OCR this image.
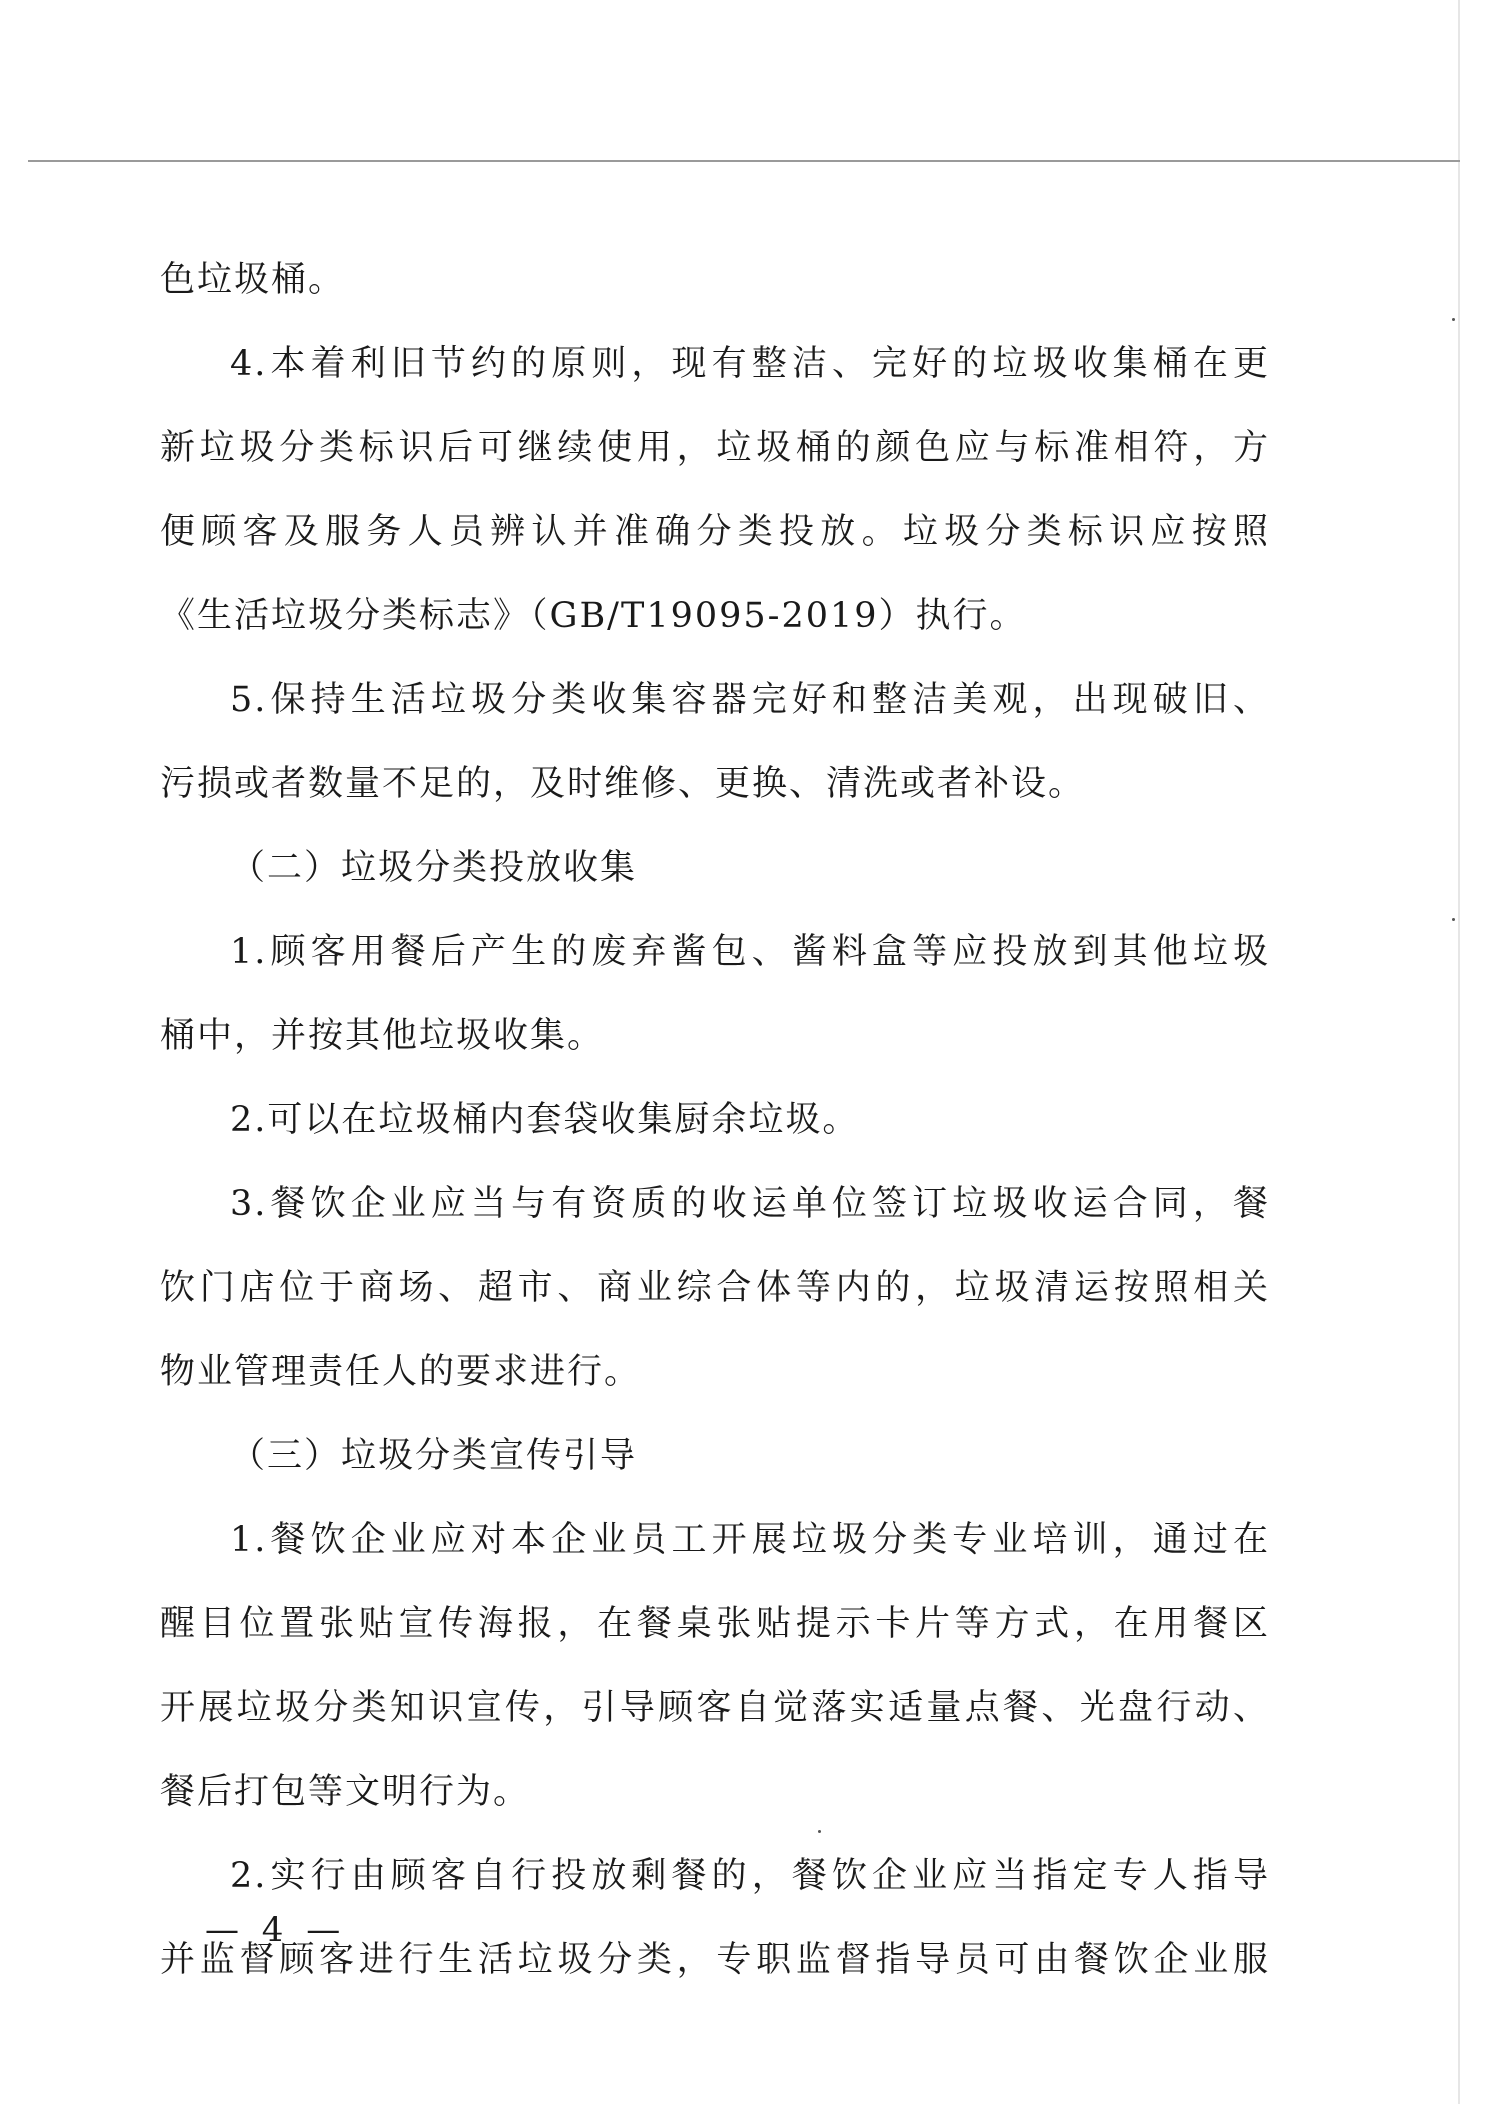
色垃圾桶。
4.本着利旧节约的原则，现有整洁、完好的垃圾收集桶在更
新垃圾分类标识后可继续使用，垃圾桶的颜色应与标准相符，方
便顾客及服务人员辨认并准确分类投放。垃圾分类标识应按照
《生活垃圾分类标志》（GB/T19095-2019）执行。
5.保持生活垃圾分类收集容器完好和整洁美观，出现破旧、
污损或者数量不足的，及时维修、更换、清洗或者补设。
（二）垃圾分类投放收集
1.顾客用餐后产生的废弃酱包、酱料盒等应投放到其他垃圾
桶中，并按其他垃圾收集。
2.可以在垃圾桶内套袋收集厨余垃圾。
3.餐饮企业应当与有资质的收运单位签订垃圾收运合同，餐
饮门店位于商场、超市、商业综合体等内的，垃圾清运按照相关
物业管理责任人的要求进行。
（三）垃圾分类宣传引导
1.餐饮企业应对本企业员工开展垃圾分类专业培训，通过在
醒目位置张贴宣传海报，在餐桌张贴提示卡片等方式，在用餐区
开展垃圾分类知识宣传，引导顾客自觉落实适量点餐、光盘行动、
餐后打包等文明行为。
2.实行由顾客自行投放剩餐的，餐饮企业应当指定专人指导
并监督顾客进行生活垃圾分类，专职监督指导员可由餐饮企业服
— 4 —
